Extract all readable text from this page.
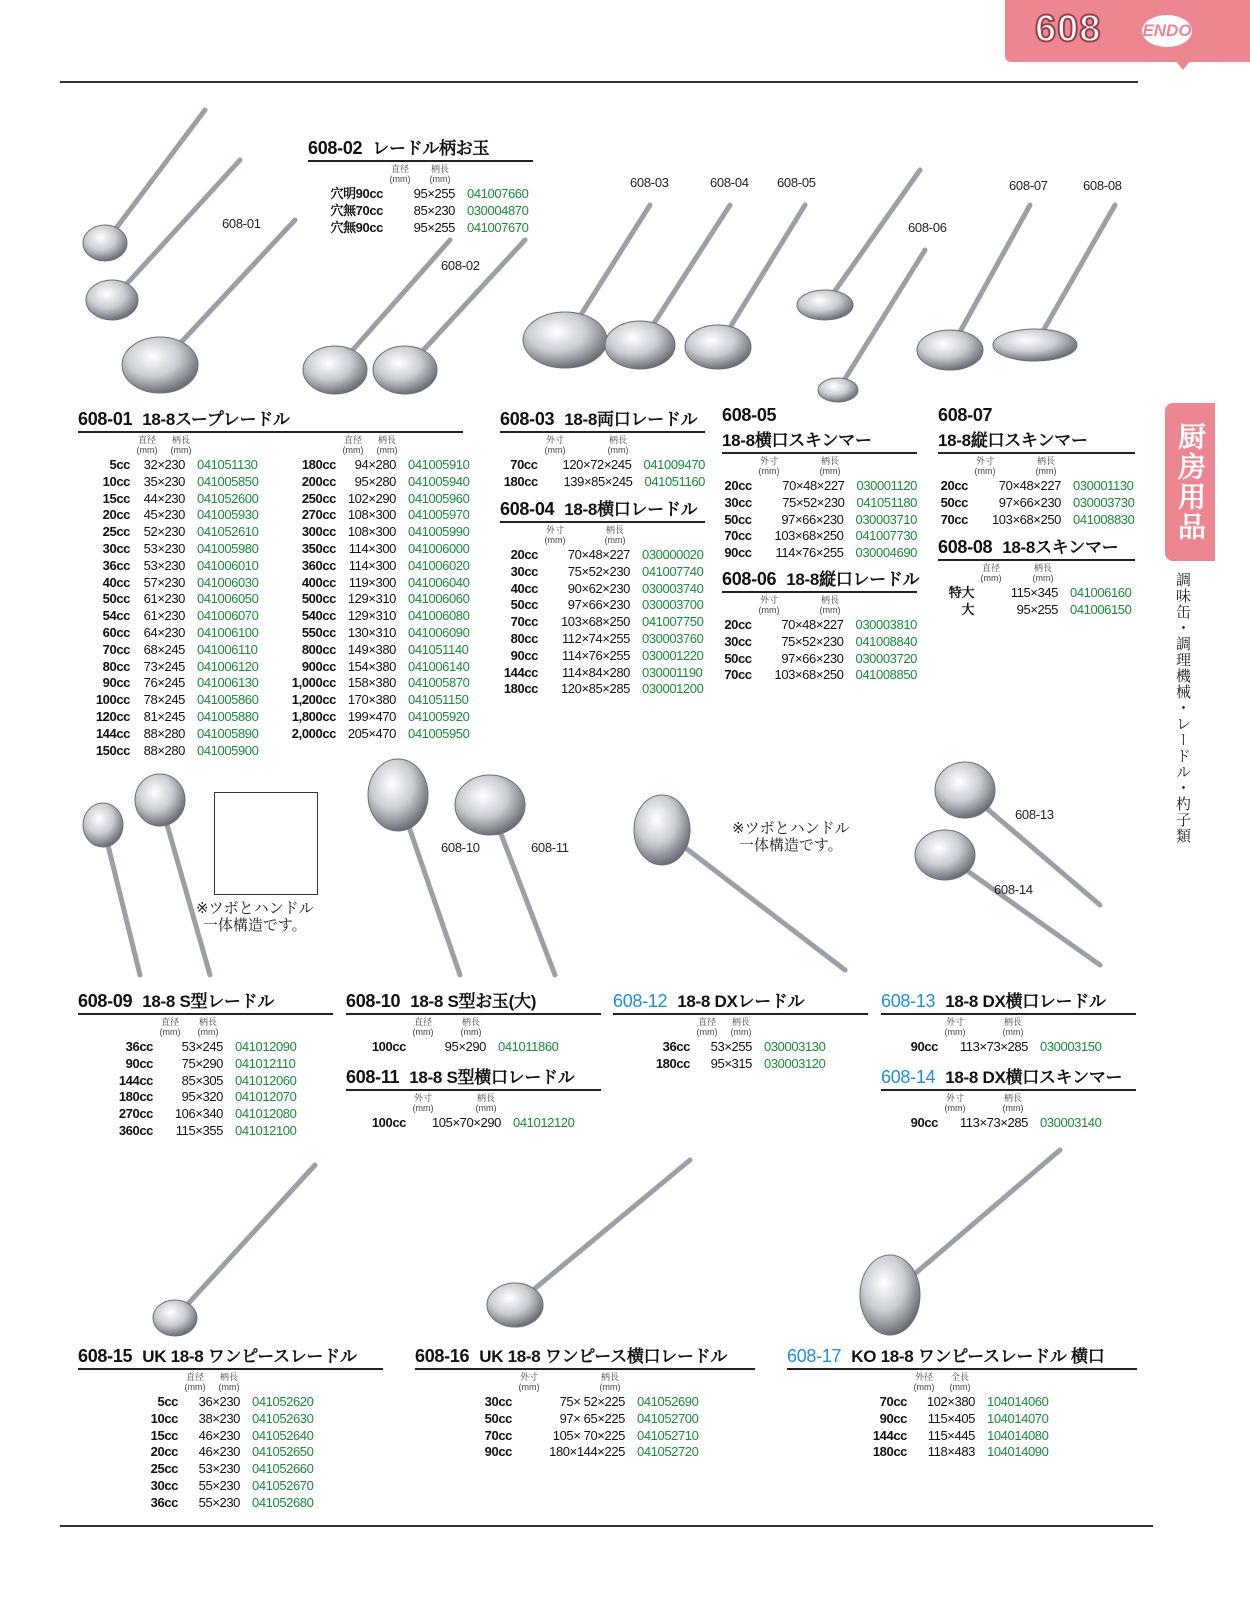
608 ENDO
厨房用品
調味缶・調理機械・レードル・杓子類
608-01
608-02
608-03	608-04 608-05
608-06
608-07	608-08
608-10	608-11
608-13
608-14
※ツボとハンドル
一体構造です。
※ツボとハンドル
一体構造です。
608-02 レードル柄お玉
直径
(mm)
柄長
(mm)
穴明90cc	95×255 041007660
穴無70cc	85×230 030004870
穴無90cc	95×255 041007670
608-01 18-8スープレードル
直径
(mm)
柄長
(mm)
5cc	32×230 041051130
10cc	35×230 041005850
15cc	44×230 041052600
20cc	45×230 041005930
25cc	52×230 041052610
30cc	53×230 041005980
36cc	53×230 041006010
40cc	57×230 041006030
50cc	61×230 041006050
54cc	61×230 041006070
60cc	64×230 041006100
70cc	68×245 041006110
80cc	73×245 041006120
90cc	76×245 041006130
100cc	78×245 041005860
120cc	81×245 041005880
144cc	88×280 041005890
150cc	88×280 041005900
直径
(mm)
柄長
(mm)
180cc	94×280 041005910
200cc	95×280 041005940
250cc 102×290 041005960
270cc 108×300 041005970
300cc 108×300 041005990
350cc 114×300 041006000
360cc 114×300 041006020
400cc 119×300 041006040
500cc 129×310 041006060
540cc 129×310 041006080
550cc 130×310 041006090
800cc 149×380 041051140
900cc 154×380 041006140
1,000cc 158×380 041005870
1,200cc 170×380 041051150
1,800cc 199×470 041005920
2,000cc 205×470 041005950
608-03 18-8両口レードル
外寸
(mm)
柄長
(mm)
70cc	120×72×245 041009470
180cc	139×85×245 041051160
608-04 18-8横口レードル
外寸
(mm)
柄長
(mm)
20cc	70×48×227 030000020
30cc	75×52×230 041007740
40cc	90×62×230 030003740
50cc	97×66×230 030003700
70cc	103×68×250 041007750
80cc	112×74×255 030003760
90cc	114×76×255 030001220
144cc	114×84×280 030001190
180cc	120×85×285 030001200
608-05
18-8横口スキンマー
外寸
(mm)
柄長
(mm)
20cc	70×48×227 030001120
30cc	75×52×230 041051180
50cc	97×66×230 030003710
70cc	103×68×250 041007730
90cc	114×76×255 030004690
608-06 18-8縦口レードル
外寸
(mm)
柄長
(mm)
20cc	70×48×227 030003810
30cc	75×52×230 041008840
50cc	97×66×230 030003720
70cc	103×68×250 041008850
608-07
18-8縦口スキンマー
外寸
(mm)
柄長
(mm)
20cc	70×48×227 030001130
50cc	97×66×230 030003730
70cc	103×68×250 041008830
608-08 18-8スキンマー
直径
(mm)
柄長
(mm)
特大	115×345 041006160
大	95×255 041006150
608-09 18-8 S型レードル
直径
(mm)
柄長
(mm)
36cc	53×245 041012090
90cc	75×290 041012110
144cc	85×305 041012060
180cc	95×320 041012070
270cc	106×340 041012080
360cc	115×355 041012100
608-10 18-8 S型お玉(大)
直径
(mm)
柄長
(mm)
100cc	95×290 041011860
608-11 18-8 S型横口レードル
外寸
(mm)
柄長
(mm)
100cc	105×70×290 041012120
608-12 18-8 DXレードル
直径
(mm)
柄長
(mm)
36cc	53×255 030003130
180cc	95×315 030003120
608-13 18-8 DX横口レードル
外寸
(mm)
柄長
(mm)
90cc	113×73×285 030003150
608-14 18-8 DX横口スキンマー
外寸
(mm)
柄長
(mm)
90cc	113×73×285 030003140
608-15 UK 18-8 ワンピースレードル
直径
(mm)
柄長
(mm)
5cc	36×230 041052620
10cc	38×230 041052630
15cc	46×230 041052640
20cc	46×230 041052650
25cc	53×230 041052660
30cc	55×230 041052670
36cc	55×230 041052680
608-16 UK 18-8 ワンピース横口レードル
外寸
(mm)
柄長
(mm)
30cc	75× 52×225 041052690
50cc	97× 65×225 041052700
70cc	105× 70×225 041052710
90cc	180×144×225 041052720
608-17 KO 18-8 ワンピースレードル 横口
外径
(mm)
全長
(mm)
70cc	102×380 104014060
90cc	115×405 104014070
144cc	115×445 104014080
180cc	118×483 104014090
